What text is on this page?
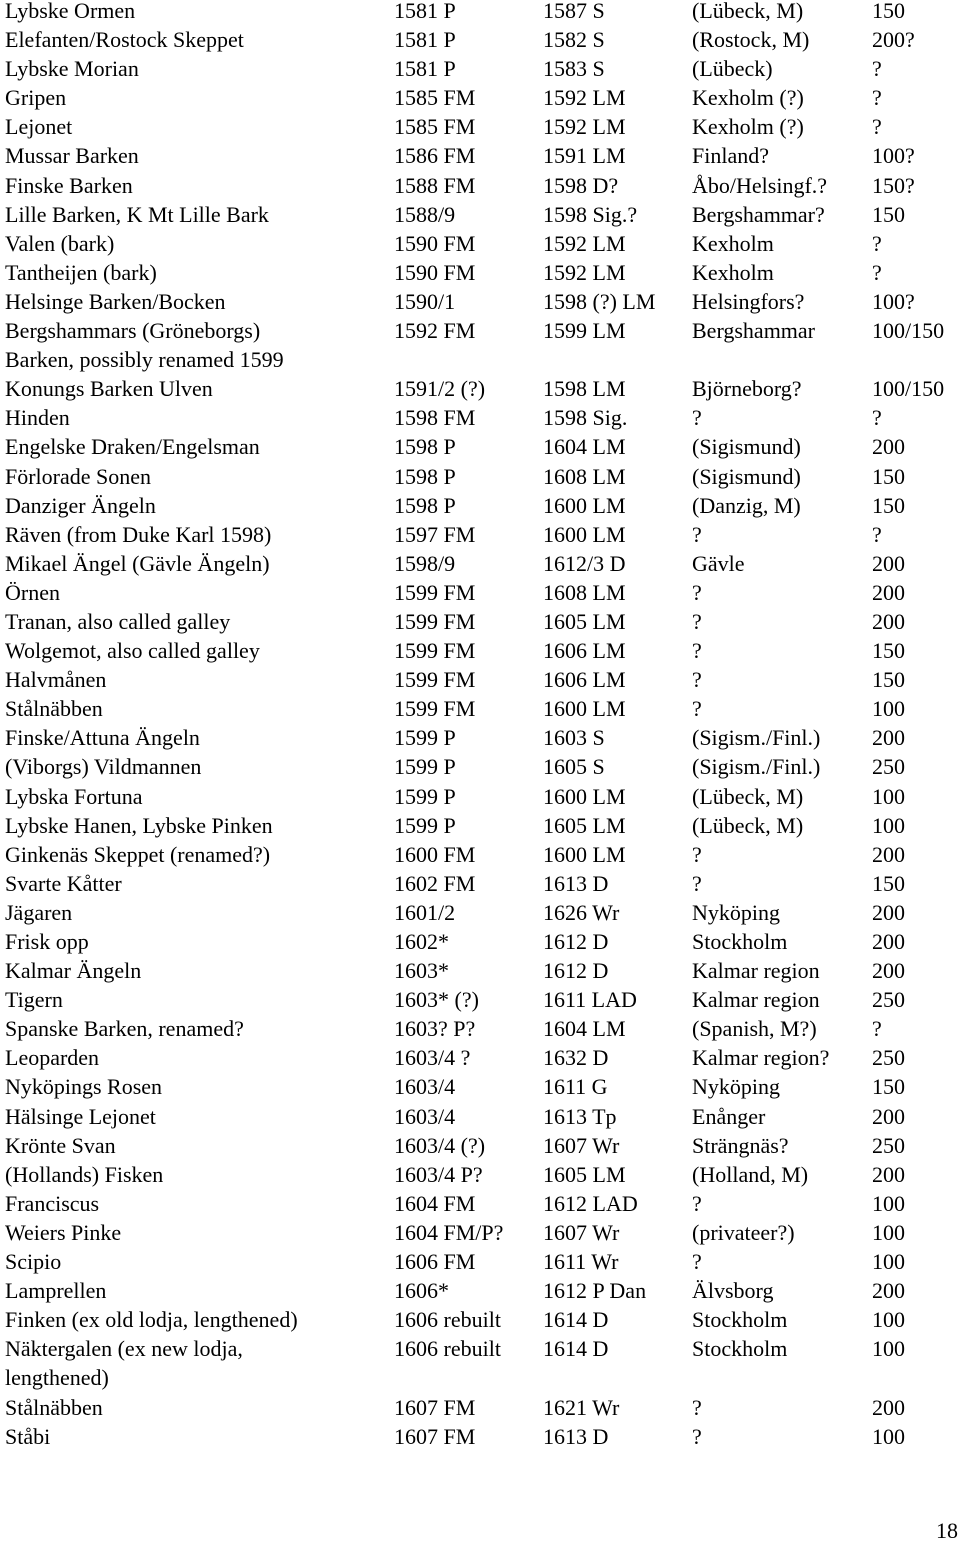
Lybske Ormen	1581 P	1587 S	(Lübeck, M)	150
Elefanten/Rostock Skeppet	1581 P	1582 S	(Rostock, M)	200?
Lybske Morian	1581 P	1583 S	(Lübeck)	?
Gripen	1585 FM	1592 LM	Kexholm (?)	?
Lejonet	1585 FM	1592 LM	Kexholm (?)	?
Mussar Barken	1586 FM	1591 LM	Finland?	100?
Finske Barken	1588 FM	1598 D?	Åbo/Helsingf.?	150?
Lille Barken, K Mt Lille Bark	1588/9	1598 Sig.?	Bergshammar?	150
Valen (bark)	1590 FM	1592 LM	Kexholm	?
Tantheijen (bark)	1590 FM	1592 LM	Kexholm	?
Helsinge Barken/Bocken	1590/1	1598 (?) LM	Helsingfors?	100?
Bergshammars (Gröneborgs)	1592 FM	1599 LM	Bergshammar	100/150

Barken, possibly renamed 1599

Konungs Barken Ulven	1591/2 (?)	1598 LM	Björneborg?	100/150
Hinden	1598 FM	1598 Sig.	?	?
Engelske Draken/Engelsman	1598 P	1604 LM	(Sigismund)	200
Förlorade Sonen	1598 P	1608 LM	(Sigismund)	150
Danziger Ängeln	1598 P	1600 LM	(Danzig, M)	150
Räven (from Duke Karl 1598)	1597 FM	1600 LM	?	?
Mikael Ängel (Gävle Ängeln)	1598/9	1612/3 D	Gävle	200
Örnen	1599 FM	1608 LM	?	200
Tranan, also called galley	1599 FM	1605 LM	?	200
Wolgemot, also called galley	1599 FM	1606 LM	?	150
Halvmånen	1599 FM	1606 LM	?	150
Stålnäbben	1599 FM	1600 LM	?	100
Finske/Attuna Ängeln	1599 P	1603 S	(Sigism./Finl.)	200
(Viborgs) Vildmannen	1599 P	1605 S	(Sigism./Finl.)	250
Lybska Fortuna	1599 P	1600 LM	(Lübeck, M)	100
Lybske Hanen, Lybske Pinken	1599 P	1605 LM	(Lübeck, M)	100
Ginkenäs Skeppet (renamed?)	1600 FM	1600 LM	?	200
Svarte Kåtter	1602 FM	1613 D	?	150
Jägaren	1601/2	1626 Wr	Nyköping	200
Frisk opp	1602*	1612 D	Stockholm	200
Kalmar Ängeln	1603*	1612 D	Kalmar region	200
Tigern	1603* (?)	1611 LAD	Kalmar region	250
Spanske Barken, renamed?	1603? P?	1604 LM	(Spanish, M?)	?
Leoparden	1603/4 ?	1632 D	Kalmar region?	250
Nyköpings Rosen	1603/4	1611 G	Nyköping	150
Hälsinge Lejonet	1603/4	1613 Tp	Enånger	200
Krönte Svan	1603/4 (?)	1607 Wr	Strängnäs?	250
(Hollands) Fisken	1603/4 P?	1605 LM	(Holland, M)	200
Franciscus	1604 FM	1612 LAD	?	100
Weiers Pinke	1604 FM/P?	1607 Wr	(privateer?)	100
Scipio	1606 FM	1611 Wr	?	100
Lamprellen	1606*	1612 P Dan	Älvsborg	200
Finken (ex old lodja, lengthened)	1606 rebuilt	1614 D	Stockholm	100
Näktergalen (ex new lodja,	1606 rebuilt	1614 D	Stockholm	100

lengthened)

Stålnäbben	1607 FM	1621 Wr	?	200
Ståbi	1607 FM	1613 D	?	100
18
